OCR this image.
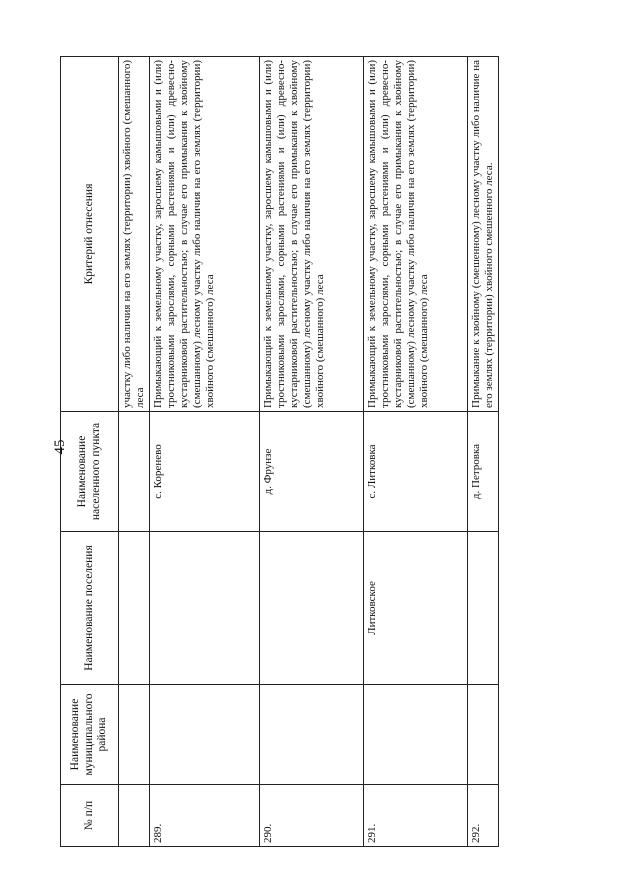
45
№ п/п	Наименование муниципального района	Наименование поселения	Наименование населенного пункта	Критерий отнесения
				участку либо наличия на его землях (территории) хвойного (смешанного) леса
289.			с. Коренево	Примыкающий к земельному участку, заросшему камышовыми и (или) тростниковыми зарослями, сорными растениями и (или) древесно-кустарниковой растительностью; в случае его примыкания к хвойному (смешанному) лесному участку либо наличия на его землях (территории) хвойного (смешанного) леса
290.			д. Фрунзе	Примыкающий к земельному участку, заросшему камышовыми и (или) тростниковыми зарослями, сорными растениями и (или) древесно-кустарниковой растительностью; в случае его примыкания к хвойному (смешанному) лесному участку либо наличия на его землях (территории) хвойного (смешанного) леса
291.		Литковское	с. Литковка	Примыкающий к земельному участку, заросшему камышовыми и (или) тростниковыми зарослями, сорными растениями и (или) древесно-кустарниковой растительностью; в случае его примыкания к хвойному (смешанному) лесному участку либо наличия на его землях (территории) хвойного (смешанного) леса
292.			д. Петровка	Примыкание к хвойному (смешенному) лесному участку либо наличие на его землях (территории) хвойного смешенного леса.
